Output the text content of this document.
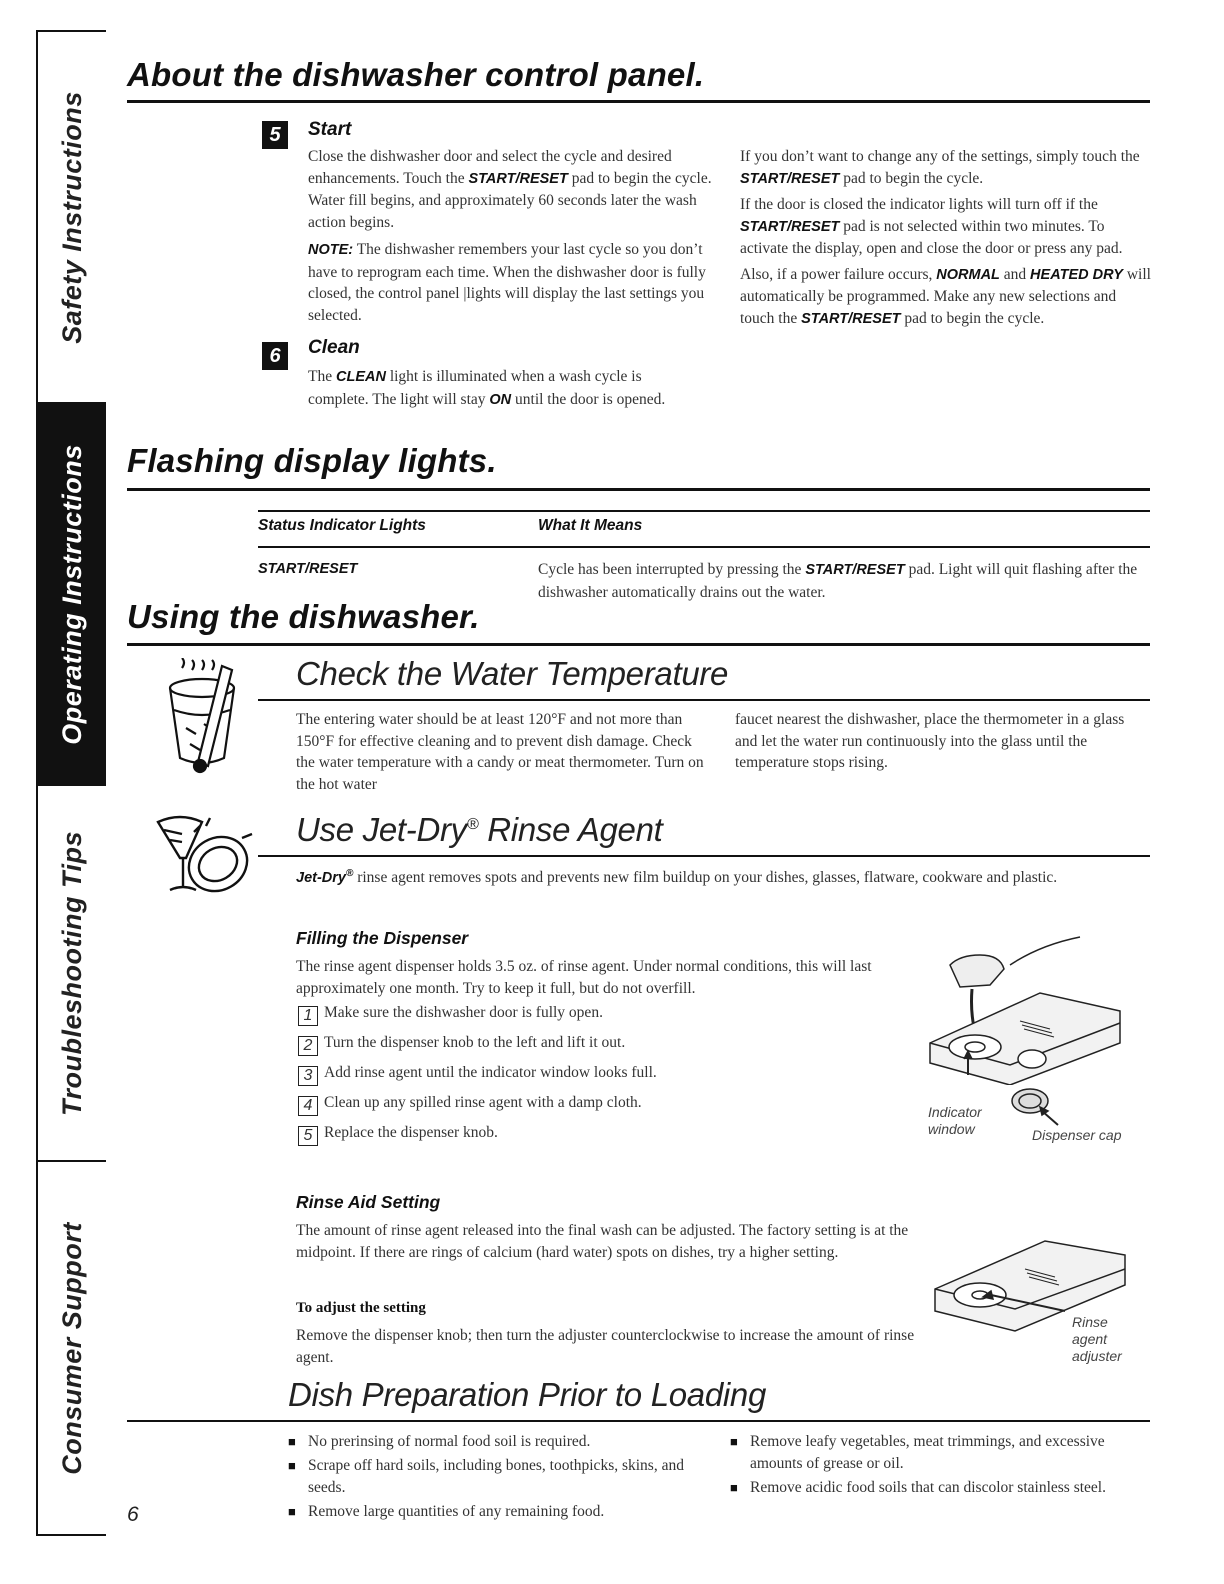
Safety Instructions
Operating Instructions
Troubleshooting Tips
Consumer Support
About the dishwasher control panel.
5	Start

Close the dishwasher door and select the cycle and desired enhancements. Touch the START/RESET pad to begin the cycle. Water fill begins, and approximately 60 seconds later the wash action begins.

NOTE: The dishwasher remembers your last cycle so you don’t have to reprogram each time. When the dishwasher door is fully closed, the control panel |lights will display the last settings you selected.

6	Clean

The CLEAN light is illuminated when a wash cycle is complete. The light will stay ON until the door is opened.

If you don’t want to change any of the settings, simply touch the START/RESET pad to begin the cycle.

If the door is closed the indicator lights will turn off if the START/RESET pad is not selected within two minutes. To activate the display, open and close the door or press any pad.

Also, if a power failure occurs, NORMAL and HEATED DRY will automatically be programmed. Make any new selections and touch the START/RESET pad to begin the cycle.

Flashing display lights.
Status Indicator Lights	What It Means
START/RESET	Cycle has been interrupted by pressing the START/RESET pad. Light will quit flashing after the dishwasher automatically drains out the water.

Using the dishwasher.
Check the Water Temperature
The entering water should be at least 120°F and not more than 150°F for effective cleaning and to prevent dish damage. Check the water temperature with a candy or meat thermometer. Turn on the hot water
faucet nearest the dishwasher, place the thermometer in a glass and let the water run continuously into the glass until the temperature stops rising.
Use Jet-Dry® Rinse Agent

Jet-Dry® rinse agent removes spots and prevents new film buildup on your dishes, glasses, flatware, cookware and plastic.

Filling the Dispenser
The rinse agent dispenser holds 3.5 oz. of rinse agent. Under normal conditions, this will last approximately one month. Try to keep it full, but do not overfill.
1 Make sure the dishwasher door is fully open.
2 Turn the dispenser knob to the left and lift it out.
3 Add rinse agent until the indicator window looks full.
4 Clean up any spilled rinse agent with a damp cloth.
5 Replace the dispenser knob.
Indicator
window	Dispenser cap
Rinse Aid Setting
The amount of rinse agent released into the final wash can be adjusted. The factory setting is at the midpoint. If there are rings of calcium (hard water) spots on dishes, try a higher setting.
To adjust the setting
Remove the dispenser knob; then turn the adjuster counterclockwise to increase the amount of rinse agent.
Rinse
agent
adjuster
Dish Preparation Prior to Loading
■ No prerinsing of normal food soil is required.
■ Scrape off hard soils, including bones, toothpicks, skins, and seeds.
■ Remove large quantities of any remaining food.
■ Remove leafy vegetables, meat trimmings, and excessive amounts of grease or oil.
■ Remove acidic food soils that can discolor stainless steel.
6
